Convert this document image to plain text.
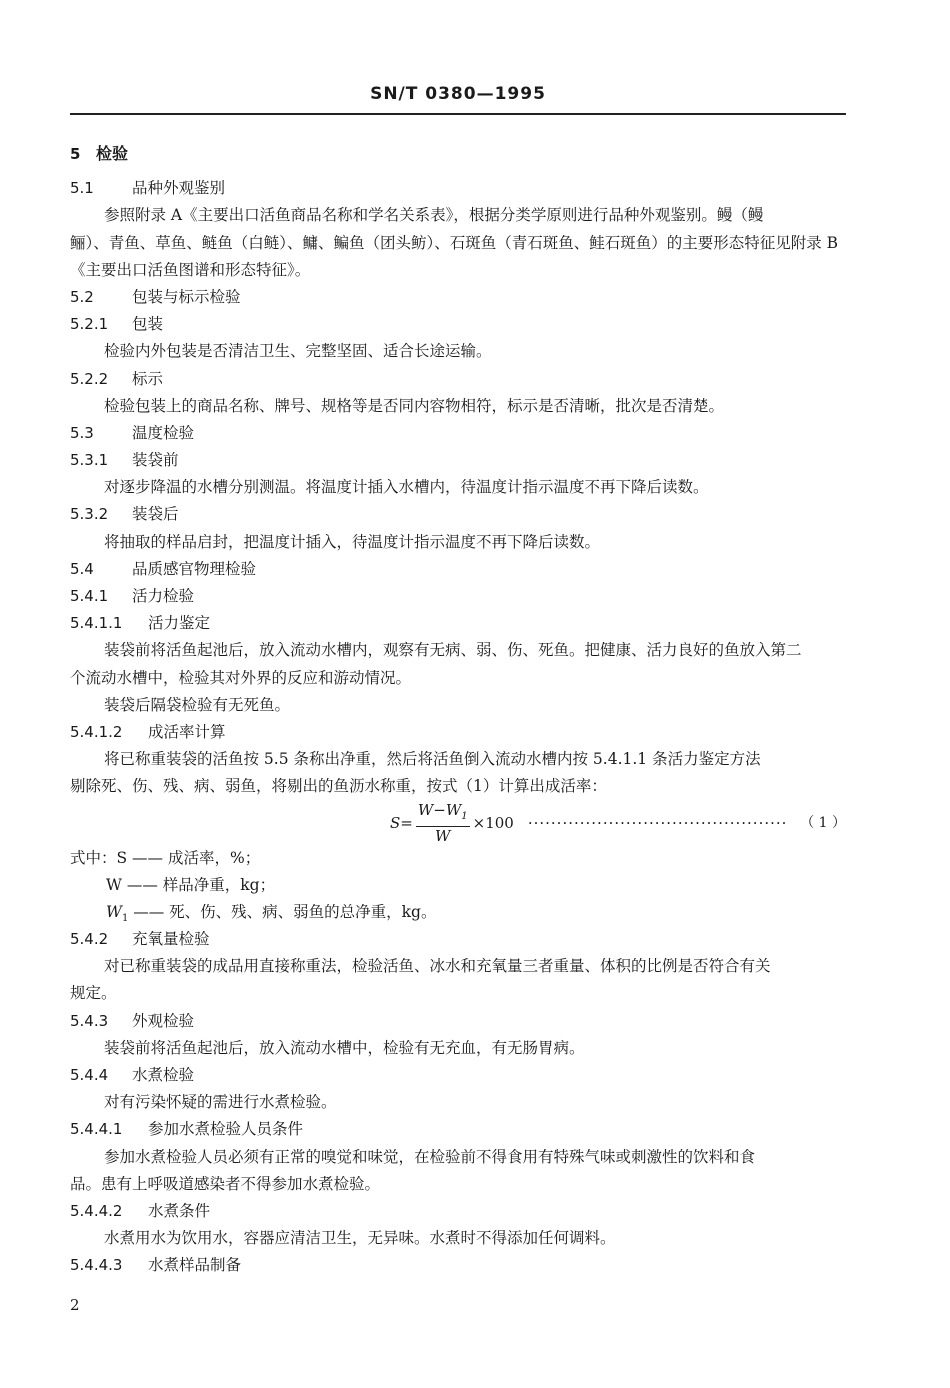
SN/T 0380—1995
5 检验
5.1 品种外观鉴别
参照附录 A《主要出口活鱼商品名称和学名关系表》，根据分类学原则进行品种外观鉴别。鳗（鳗
鲡）、青鱼、草鱼、鲢鱼（白鲢）、鳙、鳊鱼（团头鲂）、石斑鱼（青石斑鱼、鲑石斑鱼）的主要形态特征见附录 B
《主要出口活鱼图谱和形态特征》。
5.2 包装与标示检验
5.2.1 包装
检验内外包装是否清洁卫生、完整坚固、适合长途运输。
5.2.2 标示
检验包装上的商品名称、牌号、规格等是否同内容物相符，标示是否清晰，批次是否清楚。
5.3 温度检验
5.3.1 装袋前
对逐步降温的水槽分别测温。将温度计插入水槽内，待温度计指示温度不再下降后读数。
5.3.2 装袋后
将抽取的样品启封，把温度计插入，待温度计指示温度不再下降后读数。
5.4 品质感官物理检验
5.4.1 活力检验
5.4.1.1 活力鉴定
装袋前将活鱼起池后，放入流动水槽内，观察有无病、弱、伤、死鱼。把健康、活力良好的鱼放入第二
个流动水槽中，检验其对外界的反应和游动情况。
装袋后隔袋检验有无死鱼。
5.4.1.2 成活率计算
将已称重装袋的活鱼按 5.5 条称出净重，然后将活鱼倒入流动水槽内按 5.4.1.1 条活力鉴定方法
剔除死、伤、残、病、弱鱼，将剔出的鱼沥水称重，按式（1）计算出成活率：
$S= \frac{W-W_1}{W} \times 100$ ············································· （ 1 ）
式中：S —— 成活率，%；
W —— 样品净重，kg；
$W_1$ —— 死、伤、残、病、弱鱼的总净重，kg。
5.4.2 充氧量检验
对已称重装袋的成品用直接称重法，检验活鱼、冰水和充氧量三者重量、体积的比例是否符合有关
规定。
5.4.3 外观检验
装袋前将活鱼起池后，放入流动水槽中，检验有无充血，有无肠胃病。
5.4.4 水煮检验
对有污染怀疑的需进行水煮检验。
5.4.4.1 参加水煮检验人员条件
参加水煮检验人员必须有正常的嗅觉和味觉，在检验前不得食用有特殊气味或刺激性的饮料和食
品。患有上呼吸道感染者不得参加水煮检验。
5.4.4.2 水煮条件
水煮用水为饮用水，容器应清洁卫生，无异味。水煮时不得添加任何调料。
5.4.4.3 水煮样品制备
2
